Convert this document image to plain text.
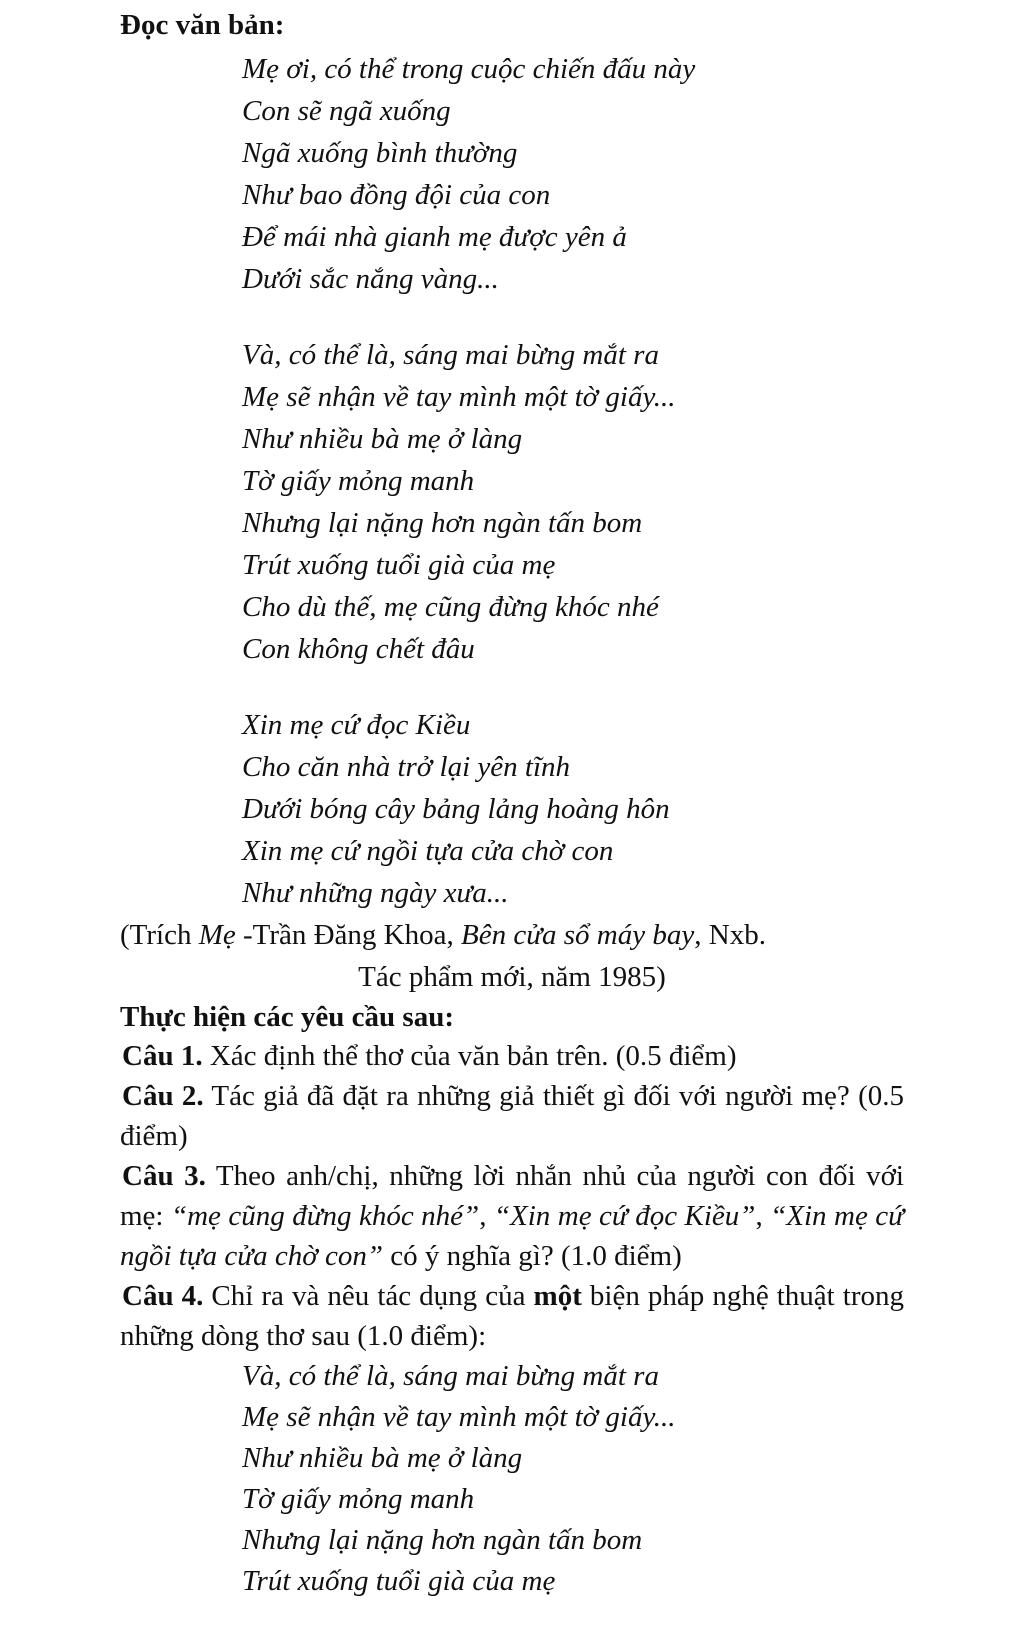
Đọc văn bản:

Mẹ ơi, có thể trong cuộc chiến đấu này
Con sẽ ngã xuống
Ngã xuống bình thường
Như bao đồng đội của con
Để mái nhà gianh mẹ được yên ả
Dưới sắc nắng vàng...
Và, có thể là, sáng mai bừng mắt ra
Mẹ sẽ nhận về tay mình một tờ giấy...
Như nhiều bà mẹ ở làng
Tờ giấy mỏng manh
Nhưng lại nặng hơn ngàn tấn bom
Trút xuống tuổi già của mẹ
Cho dù thế, mẹ cũng đừng khóc nhé
Con không chết đâu
Xin mẹ cứ đọc Kiều
Cho căn nhà trở lại yên tĩnh
Dưới bóng cây bảng lảng hoàng hôn
Xin mẹ cứ ngồi tựa cửa chờ con
Như những ngày xưa...

(Trích Mẹ -Trần Đăng Khoa, Bên cửa sổ máy bay, Nxb.

Tác phẩm mới, năm 1985)

Thực hiện các yêu cầu sau:

Câu 1. Xác định thể thơ của văn bản trên. (0.5 điểm)

Câu 2. Tác giả đã đặt ra những giả thiết gì đối với người mẹ? (0.5 điểm)

Câu 3. Theo anh/chị, những lời nhắn nhủ của người con đối với mẹ: “mẹ cũng đừng khóc nhé”, “Xin mẹ cứ đọc Kiều”, “Xin mẹ cứ ngồi tựa cửa chờ con” có ý nghĩa gì? (1.0 điểm)

Câu 4. Chỉ ra và nêu tác dụng của một biện pháp nghệ thuật trong những dòng thơ sau (1.0 điểm):

Và, có thể là, sáng mai bừng mắt ra
Mẹ sẽ nhận về tay mình một tờ giấy...
Như nhiều bà mẹ ở làng
Tờ giấy mỏng manh
Nhưng lại nặng hơn ngàn tấn bom
Trút xuống tuổi già của mẹ
